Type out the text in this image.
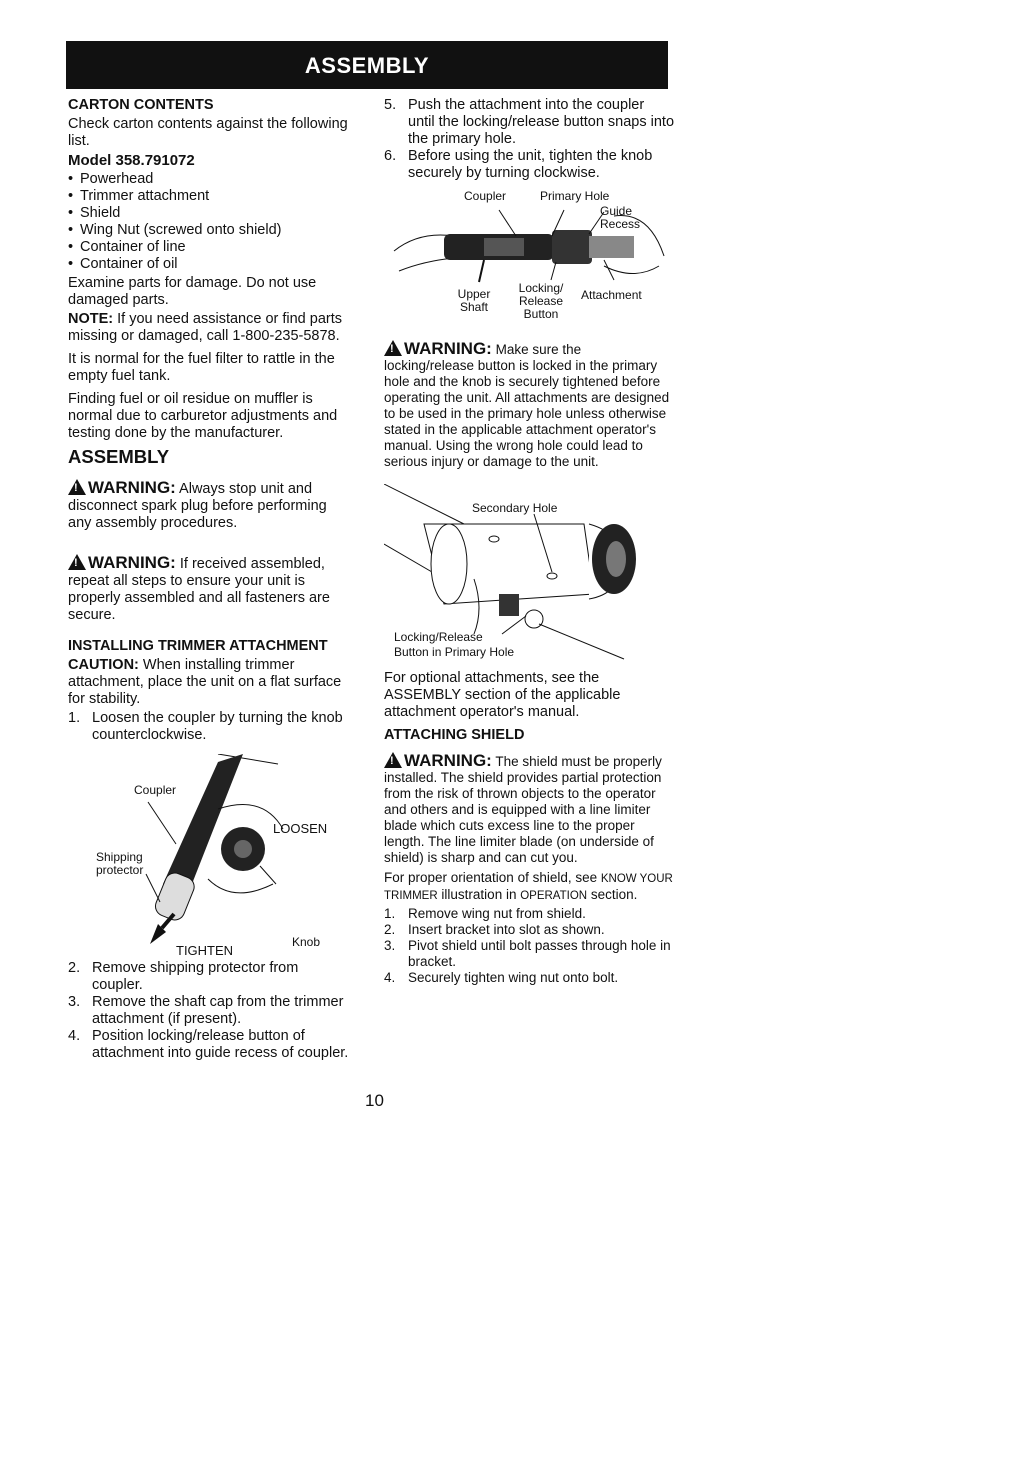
ASSEMBLY
CARTON CONTENTS

Check carton contents against the following list.

Model 358.791072
• Powerhead
• Trimmer attachment
• Shield
• Wing Nut (screwed onto shield)
• Container of line
• Container of oil

Examine parts for damage. Do not use damaged parts.

NOTE: If you need assistance or find parts missing or damaged, call 1-800-235-5878.

It is normal for the fuel filter to rattle in the empty fuel tank.

Finding fuel or oil residue on muffler is normal due to carburetor adjustments and testing done by the manufacturer.

ASSEMBLY
!WARNING: Always stop unit and disconnect spark plug before performing any assembly procedures.
!WARNING: If received assembled, repeat all steps to ensure your unit is properly assembled and all fasteners are secure.
INSTALLING TRIMMER ATTACHMENT

CAUTION: When installing trimmer attachment, place the unit on a flat surface for stability.

1. Loosen the coupler by turning the knob counterclockwise.
Coupler
LOOSEN
Shipping protector
TIGHTEN
Knob
2. Remove shipping protector from coupler.
3. Remove the shaft cap from the trimmer attachment (if present).
4. Position locking/release button of attachment into guide recess of coupler.
5. Push the attachment into the coupler until the locking/release button snaps into the primary hole.
6. Before using the unit, tighten the knob securely by turning clockwise.
Coupler	Primary Hole
Guide Recess
Upper Shaft
Locking/ Release Button
Attachment
!WARNING: Make sure the locking/release button is locked in the primary hole and the knob is securely tightened before operating the unit. All attachments are designed to be used in the primary hole unless otherwise stated in the applicable attachment operator's manual. Using the wrong hole could lead to serious injury or damage to the unit.
Secondary Hole
Locking/Release
Button in Primary Hole

For optional attachments, see the ASSEMBLY section of the applicable attachment operator's manual.

ATTACHING SHIELD
!WARNING: The shield must be properly installed. The shield provides partial protection from the risk of thrown objects to the operator and others and is equipped with a line limiter blade which cuts excess line to the proper length. The line limiter blade (on underside of shield) is sharp and can cut you.

For proper orientation of shield, see KNOW YOUR TRIMMER illustration in OPERATION section.

1. Remove wing nut from shield.
2. Insert bracket into slot as shown.
3. Pivot shield until bolt passes through hole in bracket.
4. Securely tighten wing nut onto bolt.
10
